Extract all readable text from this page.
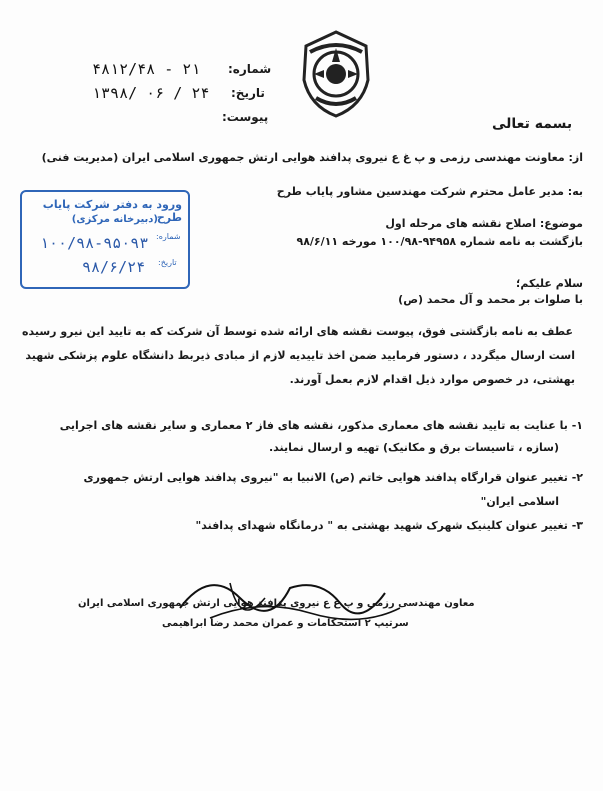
شماره:
۴۸۱۲/۴۸ - ۲۱
تاریخ:
۱۳۹۸/ ۰۶ / ۲۴
پیوست:	بسمه تعالی
از: معاونت مهندسی رزمی و پ غ ع نیروی پدافند هوایی ارتش جمهوری اسلامی ایران (مدیریت فنی)
به: مدیر عامل محترم شرکت مهندسین مشاور پایاب طرح
موضوع: اصلاح نقشه های مرحله اول
بازگشت به نامه شماره ۹۴۹۵۸-۱۰۰/۹۸ مورخه ۹۸/۶/۱۱
ورود به دفتر شرکت پایاب طرح
(دبیرخانه مرکزی)
شماره:
۱۰۰/۹۸-۹۵۰۹۳
تاریخ:
۹۸/۶/۲۴
سلام علیکم؛
با صلوات بر محمد و آل محمد (ص)
عطف به نامه بازگشتی فوق، پیوست نقشه های ارائه شده توسط آن شرکت که به تایید این نیرو رسیده
است ارسال میگردد ، دستور فرمایید ضمن اخذ تاییدیه لازم از مبادی ذیربط دانشگاه علوم پزشکی شهید
بهشتی، در خصوص موارد ذیل اقدام لازم بعمل آورند.
۱- با عنایت به تایید نقشه های معماری مذکور، نقشه های فاز ۲ معماری و سایر نقشه های اجرایی
(سازه ، تاسیسات برق و مکانیک) تهیه و ارسال نمایند.
۲- تغییر عنوان قرارگاه پدافند هوایی خاتم (ص) الانبیا به "نیروی پدافند هوایی ارتش جمهوری
اسلامی ایران"
۳- تغییر عنوان کلینیک شهرک شهید بهشتی به " درمانگاه شهدای پدافند"
معاون مهندسی رزمی و پ غ ع نیروی پدافند هوایی ارتش جمهوری اسلامی ایران
سرتیپ ۲ استحکامات و عمران محمد رضا ابراهیمی
